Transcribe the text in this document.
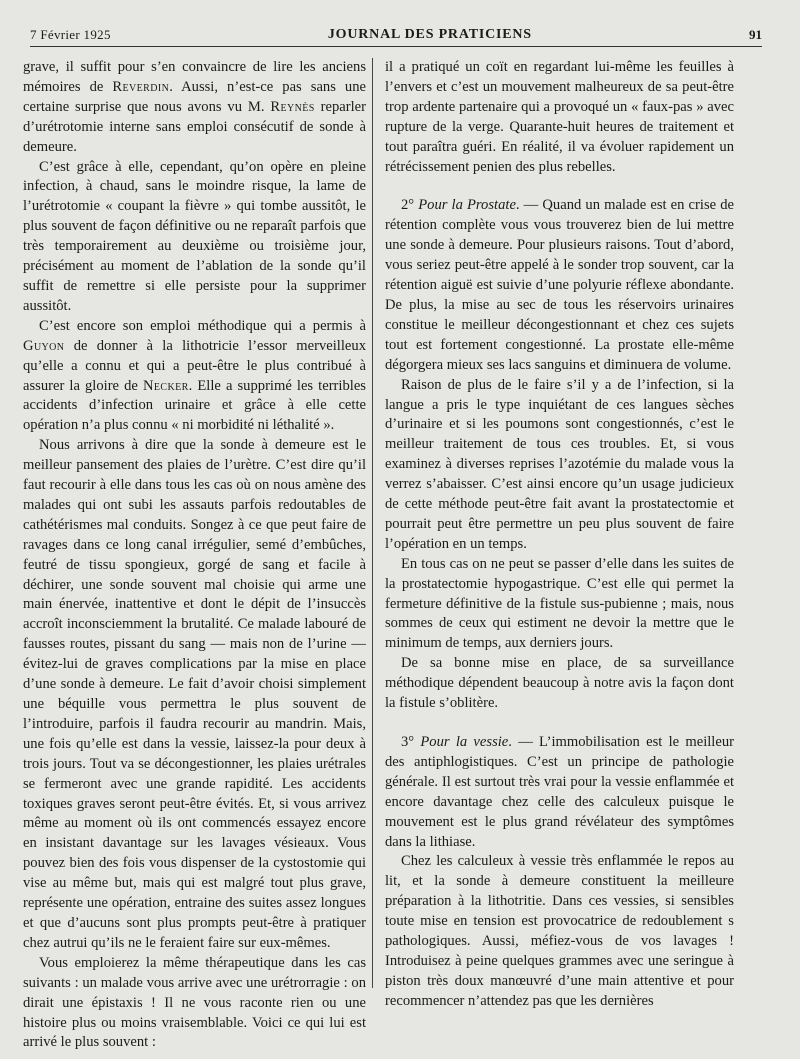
7 Février 1925	JOURNAL DES PRATICIENS	91

grave, il suffit pour s’en convaincre de lire les anciens mémoires de Reverdin. Aussi, n’est-ce pas sans une certaine surprise que nous avons vu M. Reynès reparler d’urétrotomie interne sans emploi consécutif de sonde à demeure.

C’est grâce à elle, cependant, qu’on opère en pleine infection, à chaud, sans le moindre risque, la lame de l’urétrotomie « coupant la fièvre » qui tombe aussitôt, le plus souvent de façon définitive ou ne reparaît parfois que très temporairement au deuxième ou troisième jour, précisément au moment de l’ablation de la sonde qu’il suffit de remettre si elle persiste pour la supprimer aussitôt.

C’est encore son emploi méthodique qui a permis à Guyon de donner à la lithotricie l’essor merveilleux qu’elle a connu et qui a peut-être le plus contribué à assurer la gloire de Necker. Elle a supprimé les terribles accidents d’infection urinaire et grâce à elle cette opération n’a plus connu « ni morbidité ni léthalité ».

Nous arrivons à dire que la sonde à demeure est le meilleur pansement des plaies de l’urètre. C’est dire qu’il faut recourir à elle dans tous les cas où on nous amène des malades qui ont subi les assauts parfois redoutables de cathétérismes mal conduits. Songez à ce que peut faire de ravages dans ce long canal irrégulier, semé d’embûches, feutré de tissu spongieux, gorgé de sang et facile à déchirer, une sonde souvent mal choisie qui arme une main énervée, inattentive et dont le dépit de l’insuccès accroît inconsciemment la brutalité. Ce malade labouré de fausses routes, pissant du sang — mais non de l’urine — évitez-lui de graves complications par la mise en place d’une sonde à demeure. Le fait d’avoir choisi simplement une béquille vous permettra le plus souvent de l’introduire, parfois il faudra recourir au mandrin. Mais, une fois qu’elle est dans la vessie, laissez-la pour deux à trois jours. Tout va se décongestionner, les plaies urétrales se fermeront avec une grande rapidité. Les accidents toxiques graves seront peut-être évités. Et, si vous arrivez même au moment où ils ont commencés essayez encore en insistant davantage sur les lavages vésieaux. Vous pouvez bien des fois vous dispenser de la cystostomie qui vise au même but, mais qui est malgré tout plus grave, représente une opération, entraine des suites assez longues et que d’aucuns sont plus prompts peut-être à pratiquer chez autrui qu’ils ne le feraient faire sur eux-mêmes.

Vous emploierez la même thérapeutique dans les cas suivants : un malade vous arrive avec une urétrorragie : on dirait une épistaxis ! Il ne vous raconte rien ou une histoire plus ou moins vraisemblable. Voici ce qui lui est arrivé le plus souvent :

il a pratiqué un coït en regardant lui-même les feuilles à l’envers et c’est un mouvement malheureux de sa peut-être trop ardente partenaire qui a provoqué un « faux-pas » avec rupture de la verge. Quarante-huit heures de traitement et tout paraîtra guéri. En réalité, il va évoluer rapidement un rétrécissement penien des plus rebelles.

2° Pour la Prostate. — Quand un malade est en crise de rétention complète vous vous trouverez bien de lui mettre une sonde à demeure. Pour plusieurs raisons. Tout d’abord, vous seriez peut-être appelé à le sonder trop souvent, car la rétention aiguë est suivie d’une polyurie réflexe abondante. De plus, la mise au sec de tous les réservoirs urinaires constitue le meilleur décongestionnant et chez ces sujets tout est fortement congestionné. La prostate elle-même dégorgera mieux ses lacs sanguins et diminuera de volume.

Raison de plus de le faire s’il y a de l’infection, si la langue a pris le type inquiétant de ces langues sèches d’urinaire et si les poumons sont congestionnés, c’est le meilleur traitement de tous ces troubles. Et, si vous examinez à diverses reprises l’azotémie du malade vous la verrez s’abaisser. C’est ainsi encore qu’un usage judicieux de cette méthode peut-être fait avant la prostatectomie et pourrait peut être permettre un peu plus souvent de faire l’opération en un temps.

En tous cas on ne peut se passer d’elle dans les suites de la prostatectomie hypogastrique. C’est elle qui permet la fermeture définitive de la fistule sus-pubienne ; mais, nous sommes de ceux qui estiment ne devoir la mettre que le minimum de temps, aux derniers jours.

De sa bonne mise en place, de sa surveillance méthodique dépendent beaucoup à notre avis la façon dont la fistule s’oblitère.

3° Pour la vessie. — L’immobilisation est le meilleur des antiphlogistiques. C’est un principe de pathologie générale. Il est surtout très vrai pour la vessie enflammée et encore davantage chez celle des calculeux puisque le mouvement est le plus grand révélateur des symptômes dans la lithiase.

Chez les calculeux à vessie très enflammée le repos au lit, et la sonde à demeure constituent la meilleure préparation à la lithotritie. Dans ces vessies, si sensibles toute mise en tension est provocatrice de redoublement s pathologiques. Aussi, méfiez-vous de vos lavages ! Introduisez à peine quelques grammes avec une seringue à piston très doux manœuvré d’une main attentive et pour recommencer n’attendez pas que les dernières
